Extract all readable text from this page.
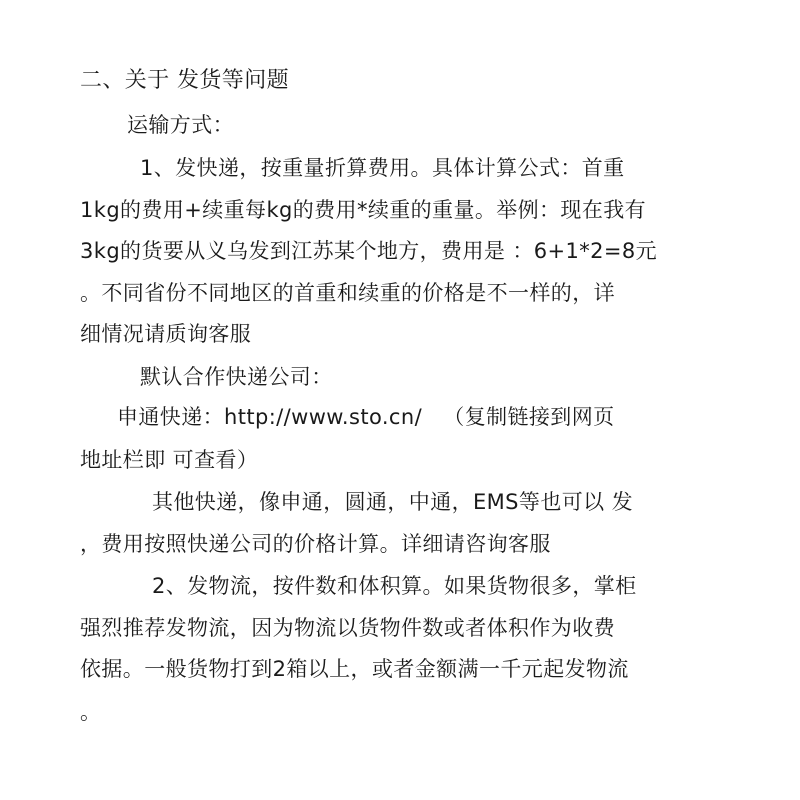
二、关于 发货等问题
运输方式：
1、发快递，按重量折算费用。具体计算公式：首重
1kg的费用+续重每kg的费用*续重的重量。举例：现在我有
3kg的货要从义乌发到江苏某个地方，费用是 ：6+1*2=8元
。不同省份不同地区的首重和续重的价格是不一样的，详
细情况请质询客服
默认合作快递公司：
申通快递：http://www.sto.cn/   （复制链接到网页
地址栏即 可查看）
其他快递，像申通，圆通，中通，EMS等也可以 发
，费用按照快递公司的价格计算。详细请咨询客服
2、发物流，按件数和体积算。如果货物很多，掌柜
强烈推荐发物流，因为物流以货物件数或者体积作为收费
依据。一般货物打到2箱以上，或者金额满一千元起发物流
。
